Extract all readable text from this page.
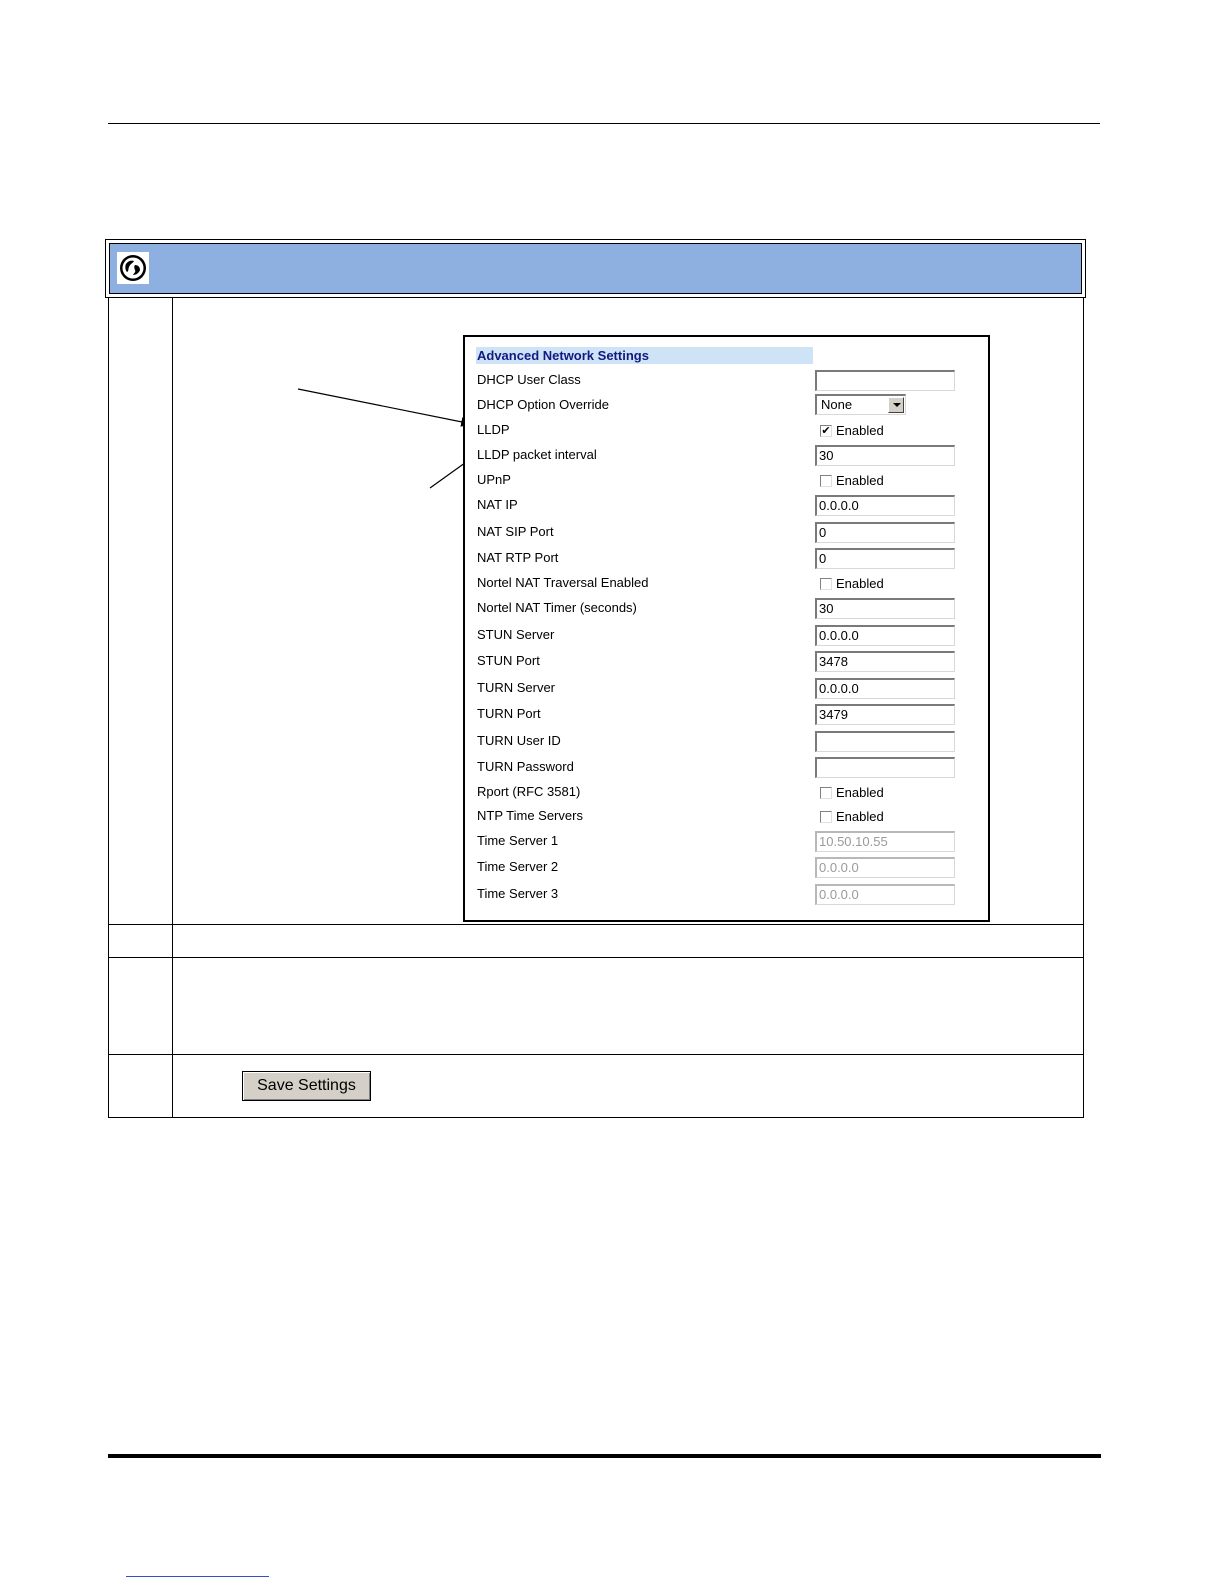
Advanced Network Settings
DHCP User Class
DHCP Option Override	None
LLDP	✔ Enabled
LLDP packet interval	30
UPnP	Enabled
NAT IP	0.0.0.0
NAT SIP Port	0
NAT RTP Port	0
Nortel NAT Traversal Enabled	Enabled
Nortel NAT Timer (seconds)	30
STUN Server	0.0.0.0
STUN Port	3478
TURN Server	0.0.0.0
TURN Port	3479
TURN User ID
TURN Password
Rport (RFC 3581)	Enabled
NTP Time Servers	Enabled
Time Server 1	10.50.10.55
Time Server 2	0.0.0.0
Time Server 3	0.0.0.0
Save Settings
